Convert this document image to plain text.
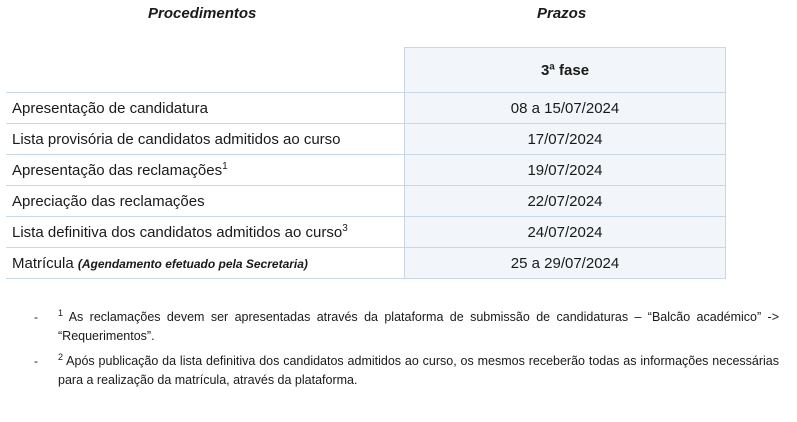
Procedimentos	Prazos
	3ª fase
Apresentação de candidatura	08 a 15/07/2024
Lista provisória de candidatos admitidos ao curso	17/07/2024
Apresentação das reclamações$^1$	19/07/2024
Apreciação das reclamações	22/07/2024
Lista definitiva dos candidatos admitidos ao curso$^3$	24/07/2024
Matrícula (Agendamento efetuado pela Secretaria)	25 a 29/07/2024
- $^1$ As reclamações devem ser apresentadas através da plataforma de submissão de candidaturas – “Balcão académico” -> “Requerimentos”.
- $^2$ Após publicação da lista definitiva dos candidatos admitidos ao curso, os mesmos receberão todas as informações necessárias para a realização da matrícula, através da plataforma.
